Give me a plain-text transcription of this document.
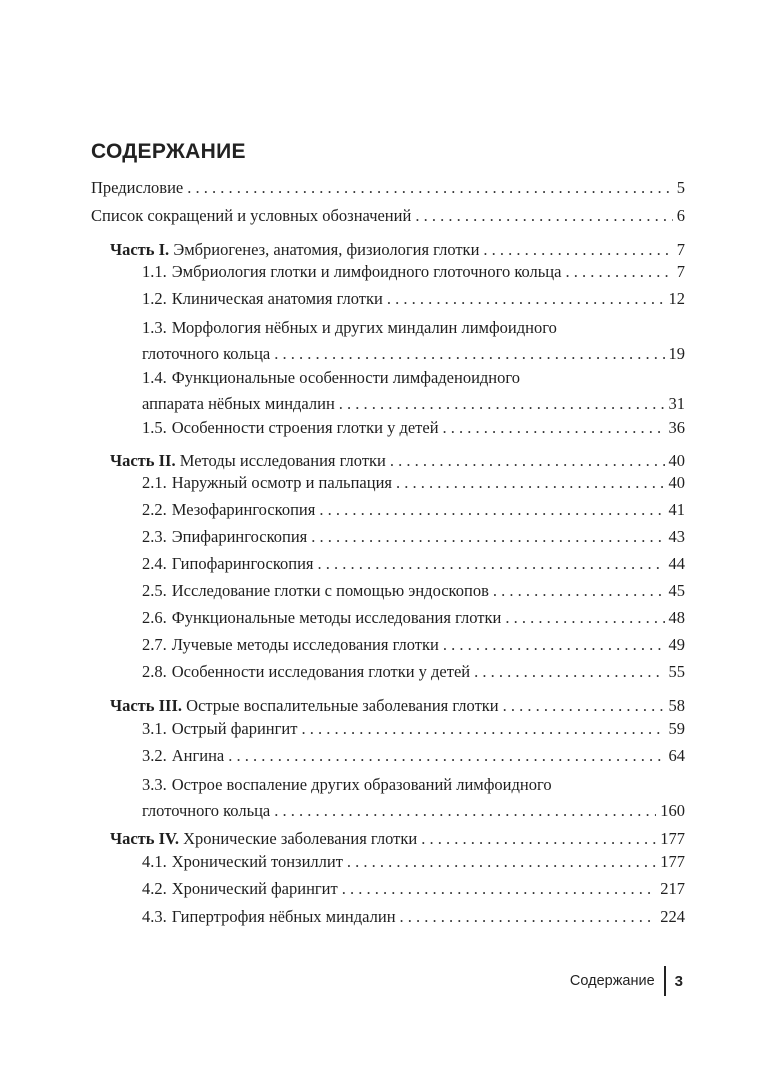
СОДЕРЖАНИЕ
Предисловие . . .	5
Список сокращений и условных обозначений . . .	6
Часть I. Эмбриогенез, анатомия, физиология глотки . . .	7
1.1. Эмбриология глотки и лимфоидного глоточного кольца . . .	7
1.2. Клиническая анатомия глотки . . .	12
1.3. Морфология нёбных и других миндалин лимфоидного
глоточного кольца . . .	19
1.4. Функциональные особенности лимфаденоидного
аппарата нёбных миндалин . . .	31
1.5. Особенности строения глотки у детей . . .	36
Часть II. Методы исследования глотки . . .	40
2.1. Наружный осмотр и пальпация . . .	40
2.2. Мезофарингоскопия . . .	41
2.3. Эпифарингоскопия . . .	43
2.4. Гипофарингоскопия . . .	44
2.5. Исследование глотки с помощью эндоскопов . . .	45
2.6. Функциональные методы исследования глотки . . .	48
2.7. Лучевые методы исследования глотки . . .	49
2.8. Особенности исследования глотки у детей . . .	55
Часть III. Острые воспалительные заболевания глотки . . .	58
3.1. Острый фарингит . . .	59
3.2. Ангина . . .	64
3.3. Острое воспаление других образований лимфоидного
глоточного кольца . . .	160
Часть IV. Хронические заболевания глотки . . .	177
4.1. Хронический тонзиллит . . .	177
4.2. Хронический фарингит . . .	217
4.3. Гипертрофия нёбных миндалин . . .	224
Содержание 3
